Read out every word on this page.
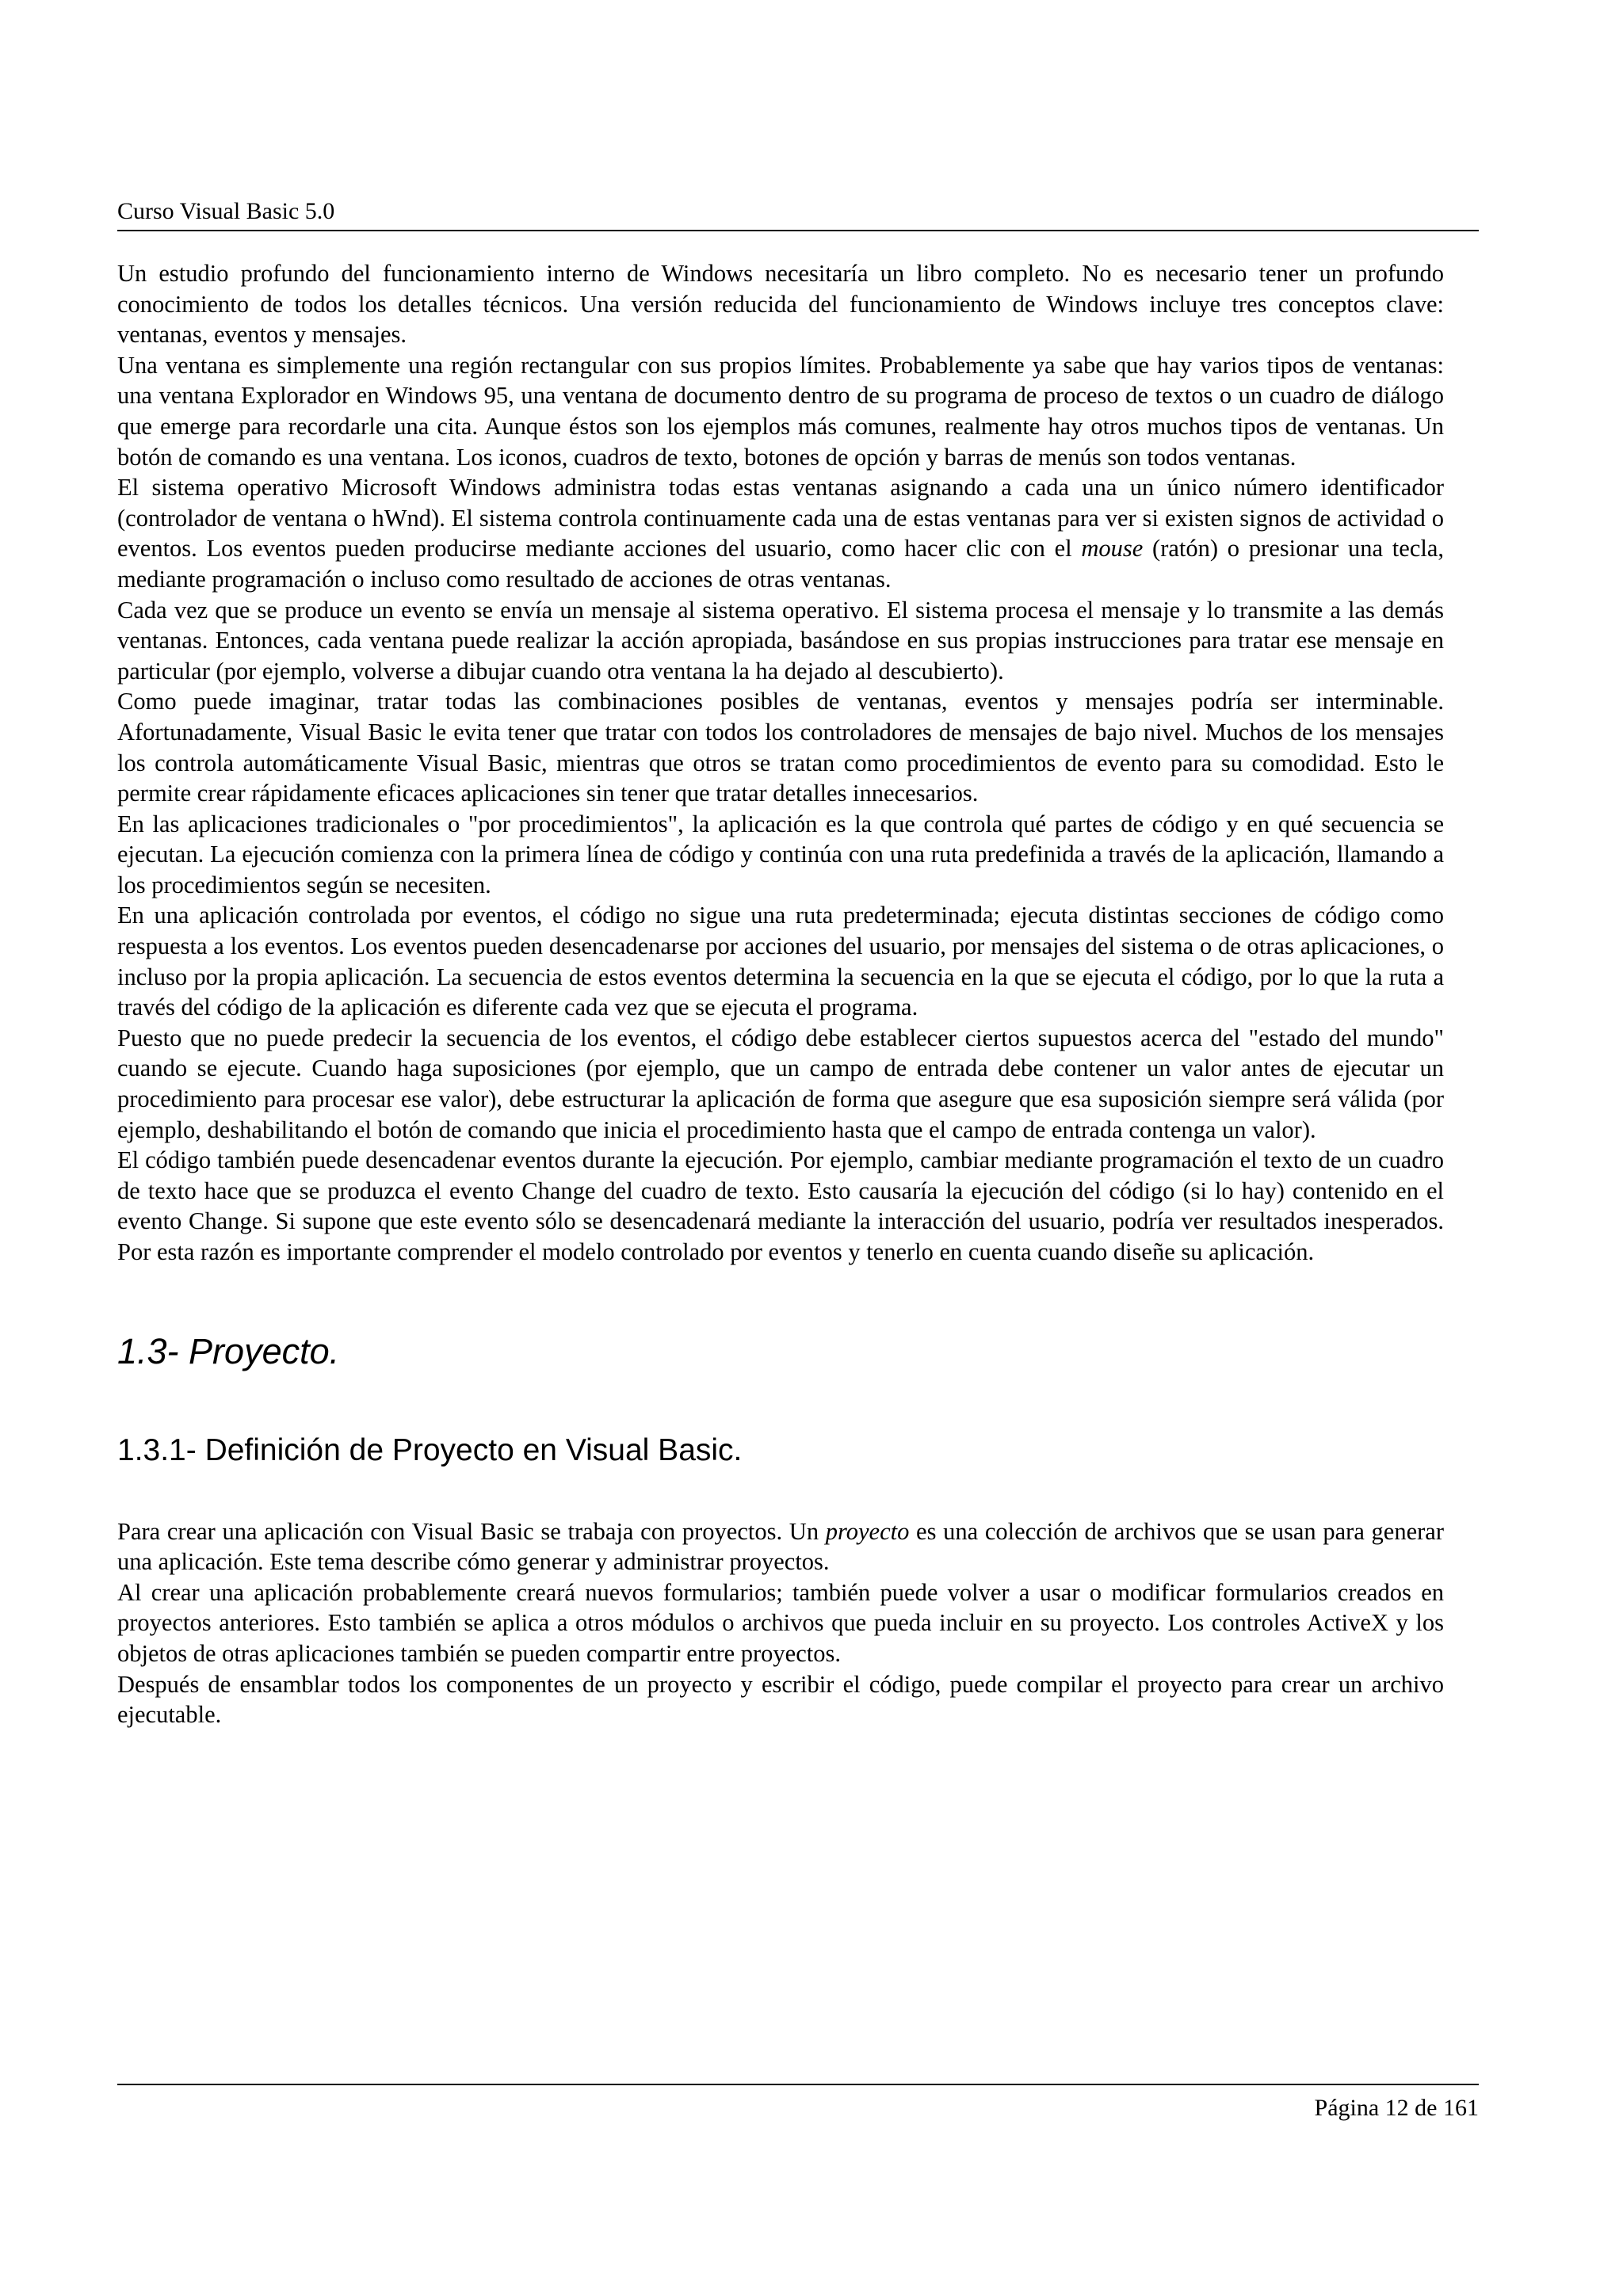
Curso Visual Basic 5.0

Un estudio profundo del funcionamiento interno de Windows necesitaría un libro completo. No es necesario tener un profundo conocimiento de todos los detalles técnicos. Una versión reducida del funcionamiento de Windows incluye tres conceptos clave: ventanas, eventos y mensajes.

Una ventana es simplemente una región rectangular con sus propios límites. Probablemente ya sabe que hay varios tipos de ventanas: una ventana Explorador en Windows 95, una ventana de documento dentro de su programa de proceso de textos o un cuadro de diálogo que emerge para recordarle una cita. Aunque éstos son los ejemplos más comunes, realmente hay otros muchos tipos de ventanas. Un botón de comando es una ventana. Los iconos, cuadros de texto, botones de opción y barras de menús son todos ventanas.

El sistema operativo Microsoft Windows administra todas estas ventanas asignando a cada una un único número identificador (controlador de ventana o hWnd). El sistema controla continuamente cada una de estas ventanas para ver si existen signos de actividad o eventos. Los eventos pueden producirse mediante acciones del usuario, como hacer clic con el mouse (ratón) o presionar una tecla, mediante programación o incluso como resultado de acciones de otras ventanas.

Cada vez que se produce un evento se envía un mensaje al sistema operativo. El sistema procesa el mensaje y lo transmite a las demás ventanas. Entonces, cada ventana puede realizar la acción apropiada, basándose en sus propias instrucciones para tratar ese mensaje en particular (por ejemplo, volverse a dibujar cuando otra ventana la ha dejado al descubierto).

Como puede imaginar, tratar todas las combinaciones posibles de ventanas, eventos y mensajes podría ser interminable. Afortunadamente, Visual Basic le evita tener que tratar con todos los controladores de mensajes de bajo nivel. Muchos de los mensajes los controla automáticamente Visual Basic, mientras que otros se tratan como procedimientos de evento para su comodidad. Esto le permite crear rápidamente eficaces aplicaciones sin tener que tratar detalles innecesarios.

En las aplicaciones tradicionales o "por procedimientos", la aplicación es la que controla qué partes de código y en qué secuencia se ejecutan. La ejecución comienza con la primera línea de código y continúa con una ruta predefinida a través de la aplicación, llamando a los procedimientos según se necesiten.

En una aplicación controlada por eventos, el código no sigue una ruta predeterminada; ejecuta distintas secciones de código como respuesta a los eventos. Los eventos pueden desencadenarse por acciones del usuario, por mensajes del sistema o de otras aplicaciones, o incluso por la propia aplicación. La secuencia de estos eventos determina la secuencia en la que se ejecuta el código, por lo que la ruta a través del código de la aplicación es diferente cada vez que se ejecuta el programa.

Puesto que no puede predecir la secuencia de los eventos, el código debe establecer ciertos supuestos acerca del "estado del mundo" cuando se ejecute. Cuando haga suposiciones (por ejemplo, que un campo de entrada debe contener un valor antes de ejecutar un procedimiento para procesar ese valor), debe estructurar la aplicación de forma que asegure que esa suposición siempre será válida (por ejemplo, deshabilitando el botón de comando que inicia el procedimiento hasta que el campo de entrada contenga un valor).

El código también puede desencadenar eventos durante la ejecución. Por ejemplo, cambiar mediante programación el texto de un cuadro de texto hace que se produzca el evento Change del cuadro de texto. Esto causaría la ejecución del código (si lo hay) contenido en el evento Change. Si supone que este evento sólo se desencadenará mediante la interacción del usuario, podría ver resultados inesperados. Por esta razón es importante comprender el modelo controlado por eventos y tenerlo en cuenta cuando diseñe su aplicación.

1.3- Proyecto.
1.3.1- Definición de Proyecto en Visual Basic.

Para crear una aplicación con Visual Basic se trabaja con proyectos. Un proyecto es una colección de archivos que se usan para generar una aplicación. Este tema describe cómo generar y administrar proyectos.

Al crear una aplicación probablemente creará nuevos formularios; también puede volver a usar o modificar formularios creados en proyectos anteriores. Esto también se aplica a otros módulos o archivos que pueda incluir en su proyecto. Los controles ActiveX y los objetos de otras aplicaciones también se pueden compartir entre proyectos.

Después de ensamblar todos los componentes de un proyecto y escribir el código, puede compilar el proyecto para crear un archivo ejecutable.

Página 12 de 161
